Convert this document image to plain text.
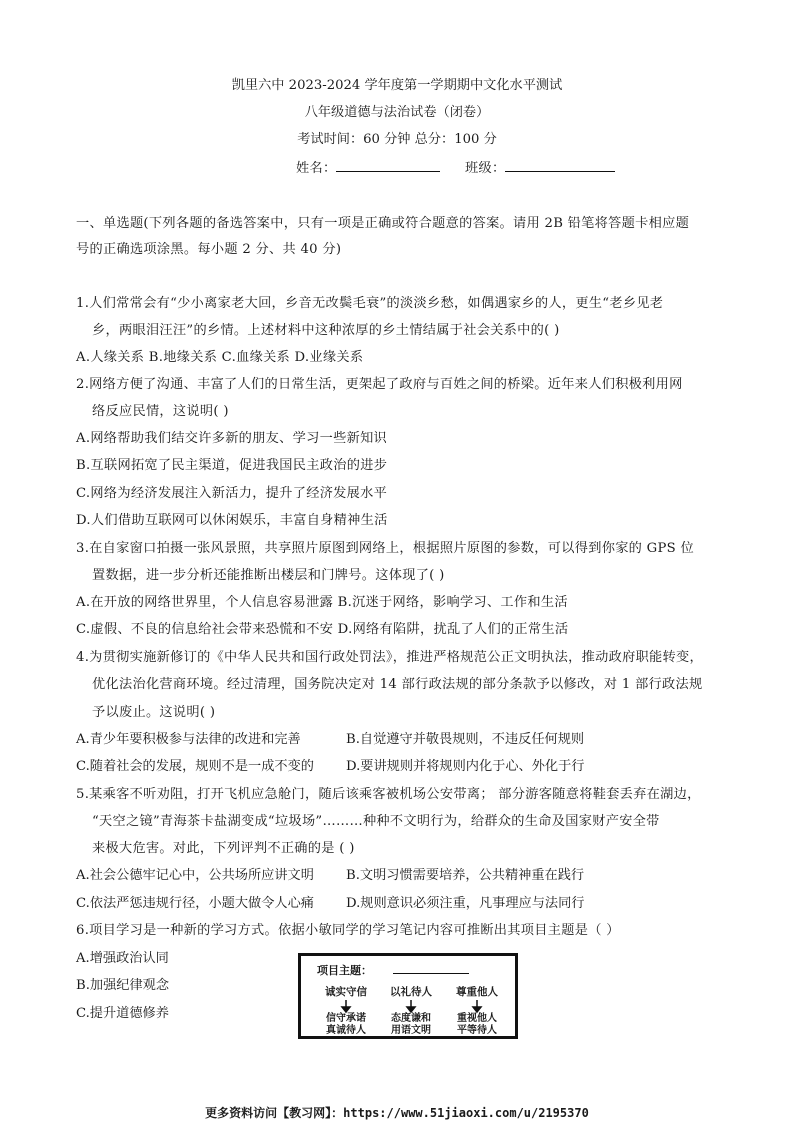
凯里六中 2023-2024 学年度第一学期期中文化水平测试
八年级道德与法治试卷（闭卷）
考试时间：60 分钟 总分：100 分
姓名：	班级：
一、单选题(下列各题的备选答案中，只有一项是正确或符合题意的答案。请用 2B 铅笔将答题卡相应题
号的正确选项涂黑。每小题 2 分、共 40 分)
1.人们常常会有“少小离家老大回，乡音无改鬓毛衰”的淡淡乡愁，如偶遇家乡的人，更生“老乡见老
乡，两眼泪汪汪”的乡情。上述材料中这种浓厚的乡土情结属于社会关系中的( )
A.人缘关系 B.地缘关系 C.血缘关系 D.业缘关系
2.网络方便了沟通、丰富了人们的日常生活，更架起了政府与百姓之间的桥梁。近年来人们积极利用网
络反应民情，这说明( )
A.网络帮助我们结交许多新的朋友、学习一些新知识
B.互联网拓宽了民主渠道，促进我国民主政治的进步
C.网络为经济发展注入新活力，提升了经济发展水平
D.人们借助互联网可以休闲娱乐，丰富自身精神生活
3.在自家窗口拍摄一张风景照，共享照片原图到网络上，根据照片原图的参数，可以得到你家的 GPS 位
置数据，进一步分析还能推断出楼层和门牌号。这体现了( )
A.在开放的网络世界里，个人信息容易泄露 B.沉迷于网络，影响学习、工作和生活
C.虚假、不良的信息给社会带来恐慌和不安 D.网络有陷阱，扰乱了人们的正常生活
4.为贯彻实施新修订的《中华人民共和国行政处罚法》，推进严格规范公正文明执法，推动政府职能转变，
优化法治化营商环境。经过清理，国务院决定对 14 部行政法规的部分条款予以修改，对 1 部行政法规
予以废止。这说明( )
A.青少年要积极参与法律的改进和完善	B.自觉遵守并敬畏规则，不违反任何规则
C.随着社会的发展，规则不是一成不变的 D.要讲规则并将规则内化于心、外化于行
5.某乘客不听劝阻，打开飞机应急舱门，随后该乘客被机场公安带离； 部分游客随意将鞋套丢弃在湖边，
“天空之镜”青海茶卡盐湖变成“垃圾场”………种种不文明行为，给群众的生命及国家财产安全带
来极大危害。对此，下列评判不正确的是 ( )
A.社会公德牢记心中，公共场所应讲文明 B.文明习惯需要培养，公共精神重在践行
C.依法严惩违规行径，小题大做令人心痛 D.规则意识必须注重，凡事理应与法同行
6.项目学习是一种新的学习方式。依据小敏同学的学习笔记内容可推断出其项目主题是（ ）
A.增强政治认同
B.加强纪律观念
C.提升道德修养
项目主题：
诚实守信	以礼待人	尊重他人
信守承诺
真诚待人
态度谦和
用语文明
重视他人
平等待人
更多资料访问【教习网】：https://www.51jiaoxi.com/u/2195370
